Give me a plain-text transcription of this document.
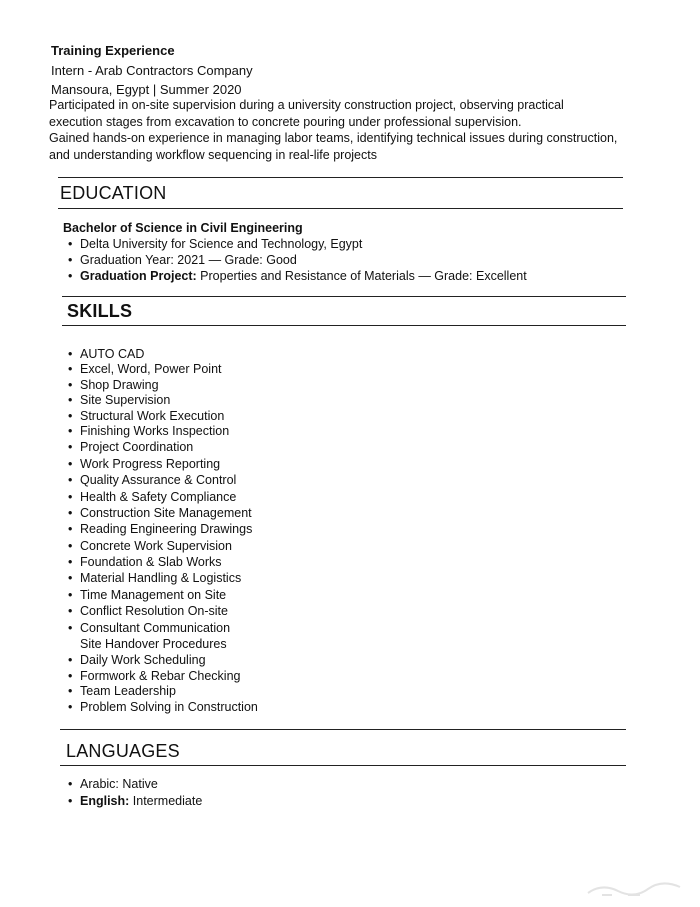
Training Experience
Intern - Arab Contractors Company
Mansoura, Egypt | Summer 2020
Participated in on-site supervision during a university construction project, observing practical
execution stages from excavation to concrete pouring under professional supervision.
Gained hands-on experience in managing labor teams, identifying technical issues during construction,
and understanding workflow sequencing in real-life projects
EDUCATION
Bachelor of Science in Civil Engineering
• Delta University for Science and Technology, Egypt
• Graduation Year: 2021 — Grade: Good
• Graduation Project: Properties and Resistance of Materials — Grade: Excellent
SKILLS
• AUTO CAD
• Excel, Word, Power Point
• Shop Drawing
• Site Supervision
• Structural Work Execution
• Finishing Works Inspection
• Project Coordination
• Work Progress Reporting
• Quality Assurance & Control
• Health & Safety Compliance
• Construction Site Management
• Reading Engineering Drawings
• Concrete Work Supervision
• Foundation & Slab Works
• Material Handling & Logistics
• Time Management on Site
• Conflict Resolution On-site
• Consultant Communication
Site Handover Procedures
• Daily Work Scheduling
• Formwork & Rebar Checking
• Team Leadership
• Problem Solving in Construction
LANGUAGES
• Arabic: Native
• English: Intermediate
